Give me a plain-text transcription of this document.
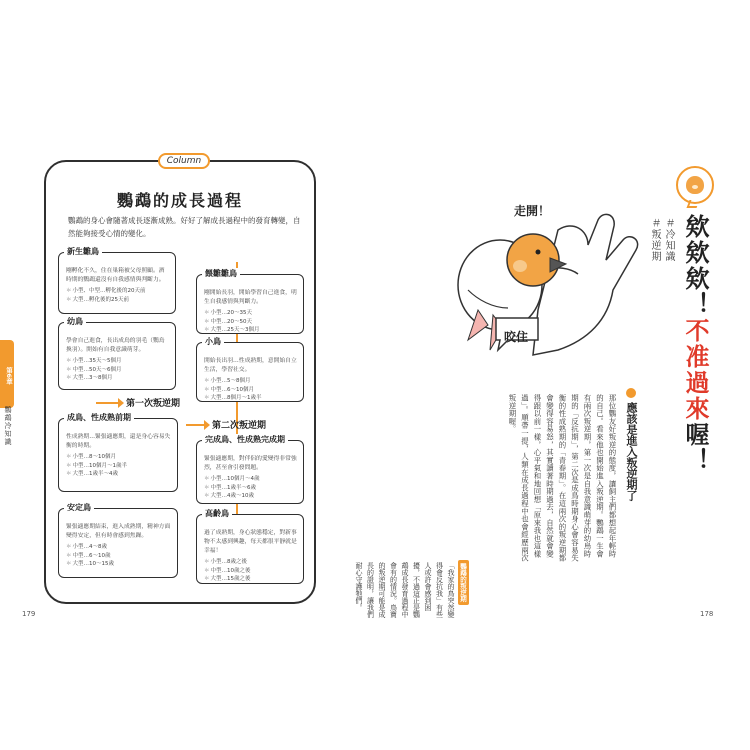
第6章
鸚鵡冷知識
Column
鸚鵡的成長過程
鸚鵡的身心會隨著成長逐漸成熟。好好了解成長過程中的發育轉變，自然能夠接受心情的變化。
新生雛鳥
剛孵化不久，住在巢箱被父母照顧。酒時期的鸚鵡還沒有自我感情與判斷力。
＊ 小型、中型…孵化後的20天前
＊ 大型…孵化後的25天前
餵雛雛鳥
剛開始長羽，開始學習自己進食，明生自我感情與判斷力。
＊ 小型…20～35天
＊ 中型…20～50天
＊ 大型…25天～3個月
幼鳥
學會自己進食，長出成鳥的羽毛（鸚鳥換羽）。開始有自我意識萌芽。
＊ 小型…35天～5個月
＊ 中型…50天～6個月
＊ 大型…3～8個月
小鳥
開始長出羽…性成熟期，意開始自立生活，學習社交。
＊ 小型…5～8個月
＊ 中型…6～10個月
＊ 大型…8個月～1歲半
第一次叛逆期
第二次叛逆期
成鳥、性成熟前期
性成熟期…緊張適應期，還是身心容易失衡的時期。
＊ 小型…8～10個月
＊ 中型…10個月～1歲半
＊ 大型…1歲半～4歲
完成鳥、性成熟完成期
緊張適應期，對伴侶的愛變得非常強烈，甚至會引發問題。
＊ 小型…10個月～4歲
＊ 中型…1歲半～6歲
＊ 大型…4歲～10歲
安定鳥
緊張適應期結束，進入成熟期，精神方面變得安定，但有時會感到焦躁。
＊ 小型…4～8歲
＊ 中型…6～10歲
＊ 大型…10～15歲
高齡鳥
過了成熟期，身心狀態穩定，對新事物不太感到興趣，每天都很平靜就是幸福！
＊ 小型…8歲之後
＊ 中型…10歲之後
＊ 大型…15歲之後
179
走開！
咬住
欸欸欸！不准過來喔！
＃冷知識
＃叛逆期
應該是進入叛逆期了
那位鸚友好叛逆的態度，讓飼主們都想起年輕時的自己。看來他也開始進入叛逆期。鸚鵡一生會有兩次叛逆期，第一次是自我意識萌芽的幼鳥時期的「反抗期」，第二次是成鳥時期身心會容易失衡的性成熟期的「青春期」。在這兩次的叛逆期都會變得容易怒，其實讀著時期過去，自然就會變得跟以前一樣，心平氣和地回想「原來我也這樣過」。順帶一提，人類在成長過程中也會經歷兩次叛逆期喔。
鸚鵡的叛逆期
「我家的鳥突然變得會反抗我」有些人或許會感到困擾，不過這正是鸚鵡成長發育過程中會有的情況。鳥寶的叛逆期可能是成長的證明，讓我們耐心守護牠們。
178
